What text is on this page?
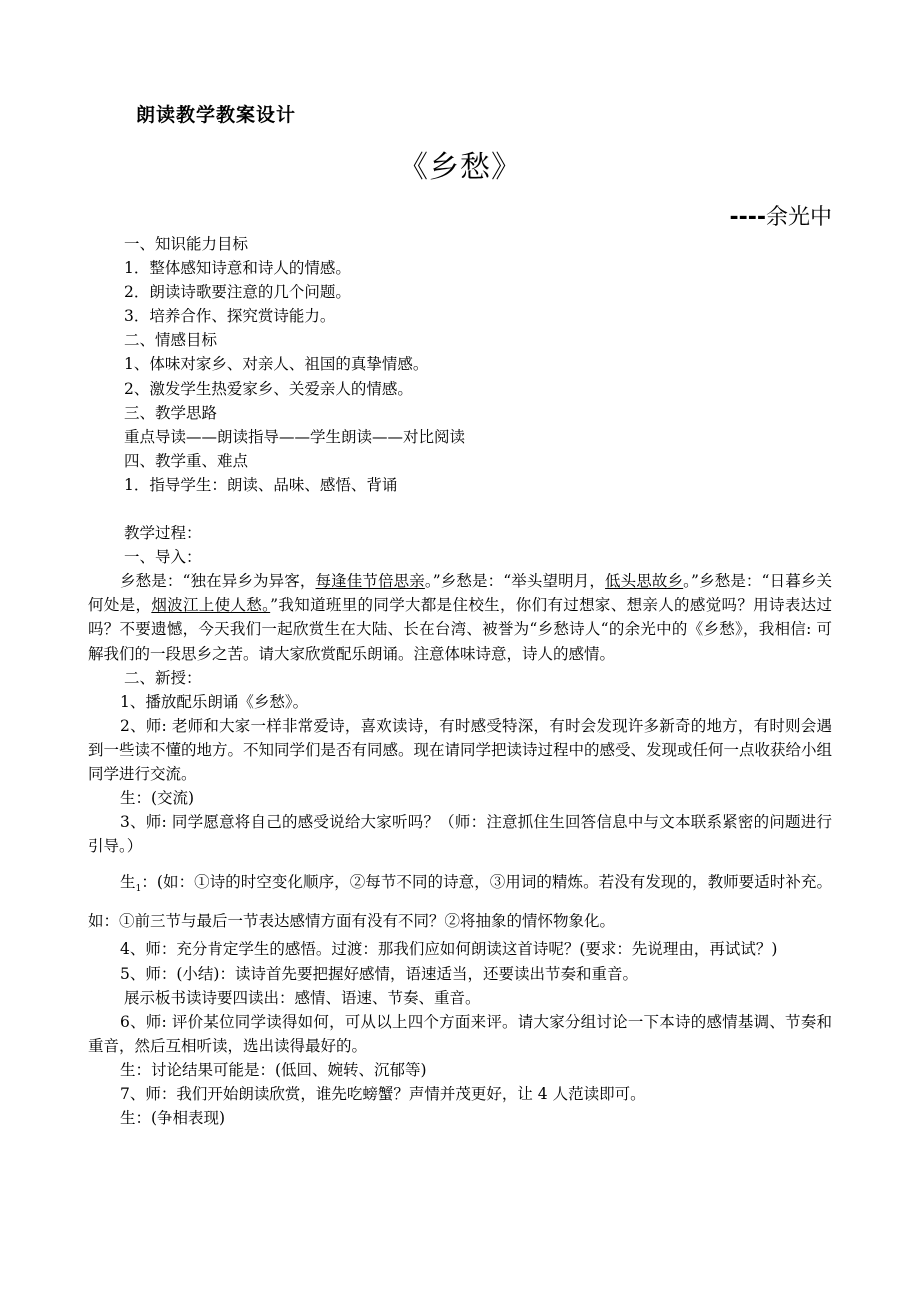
朗读教学教案设计
《乡愁》
----余光中

一、知识能力目标

1．整体感知诗意和诗人的情感。

2．朗读诗歌要注意的几个问题。

3．培养合作、探究赏诗能力。

二、情感目标

1、体味对家乡、对亲人、祖国的真挚情感。

2、激发学生热爱家乡、关爱亲人的情感。

三、教学思路

重点导读——朗读指导——学生朗读——对比阅读

四、教学重、难点

1．指导学生：朗读、品味、感悟、背诵

教学过程：

一、导入：

乡愁是：“独在异乡为异客，每逢佳节倍思亲。”乡愁是：“举头望明月，低头思故乡。”乡愁是：“日暮乡关何处是，烟波江上使人愁。”我知道班里的同学大都是住校生，你们有过想家、想亲人的感觉吗？用诗表达过吗？不要遗憾，今天我们一起欣赏生在大陆、长在台湾、被誉为“乡愁诗人“的余光中的《乡愁》，我相信: 可解我们的一段思乡之苦。请大家欣赏配乐朗诵。注意体味诗意，诗人的感情。

二、新授：

1、播放配乐朗诵《乡愁》。

2、师: 老师和大家一样非常爱诗，喜欢读诗，有时感受特深，有时会发现许多新奇的地方，有时则会遇到一些读不懂的地方。不知同学们是否有同感。现在请同学把读诗过程中的感受、发现或任何一点收获给小组同学进行交流。

生：(交流)

3、师: 同学愿意将自己的感受说给大家听吗？（师：注意抓住生回答信息中与文本联系紧密的问题进行引导。）

生$_1$：(如：①诗的时空变化顺序，②每节不同的诗意，③用词的精炼。若没有发现的，教师要适时补充。如：①前三节与最后一节表达感情方面有没有不同？②将抽象的情怀物象化。

4、师：充分肯定学生的感悟。过渡：那我们应如何朗读这首诗呢？(要求：先说理由，再试试？)

5、师：(小结)：读诗首先要把握好感情，语速适当，还要读出节奏和重音。

展示板书读诗要四读出：感情、语速、节奏、重音。

6、师: 评价某位同学读得如何，可从以上四个方面来评。请大家分组讨论一下本诗的感情基调、节奏和重音，然后互相听读，选出读得最好的。

生：讨论结果可能是：(低回、婉转、沉郁等)

7、师：我们开始朗读欣赏，谁先吃螃蟹？声情并茂更好，让 4 人范读即可。

生：(争相表现)
